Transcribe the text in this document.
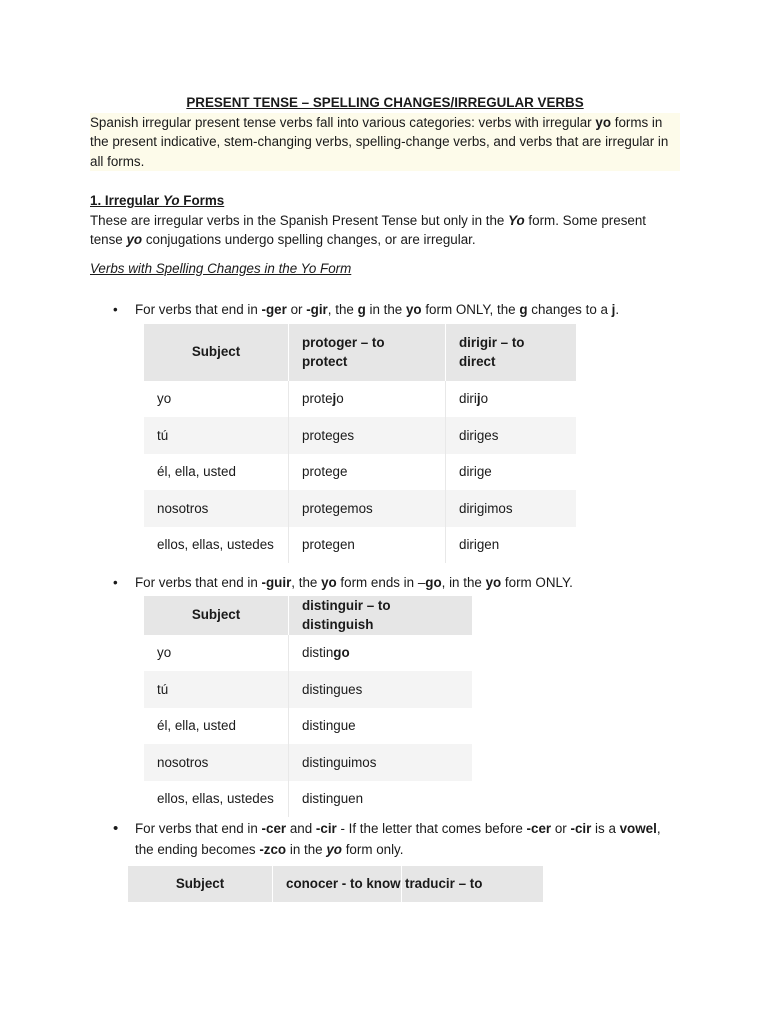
PRESENT TENSE – SPELLING CHANGES/IRREGULAR VERBS

Spanish irregular present tense verbs fall into various categories: verbs with irregular yo forms in the present indicative, stem-changing verbs, spelling-change verbs, and verbs that are irregular in all forms.

1. Irregular Yo Forms

These are irregular verbs in the Spanish Present Tense but only in the Yo form. Some present tense yo conjugations undergo spelling changes, or are irregular.

Verbs with Spelling Changes in the Yo Form
• For verbs that end in -ger or -gir, the g in the yo form ONLY, the g changes to a j.
Subject	protoger – to protect	dirigir – to direct
yo	protejo	dirijo
tú	proteges	diriges
él, ella, usted	protege	dirige
nosotros	protegemos	dirigimos
ellos, ellas, ustedes	protegen	dirigen
• For verbs that end in -guir, the yo form ends in –go, in the yo form ONLY.
Subject	distinguir – to distinguish
yo	distingo
tú	distingues
él, ella, usted	distingue
nosotros	distinguimos
ellos, ellas, ustedes	distinguen
• For verbs that end in -cer and -cir - If the letter that comes before -cer or -cir is a vowel, the ending becomes -zco in the yo form only.
Subject	conocer - to know	traducir – to
